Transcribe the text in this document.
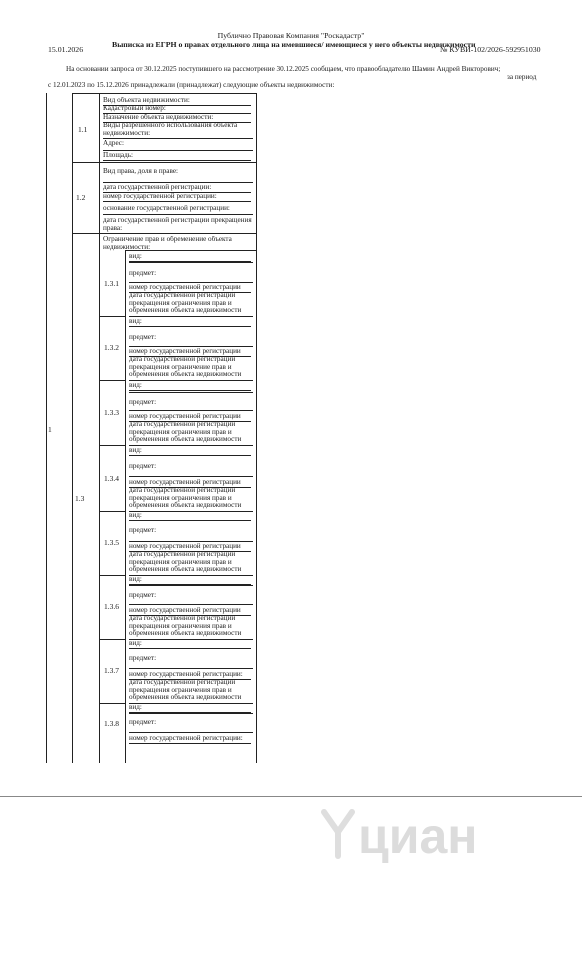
Публично Правовая Компания "Роскадастр"
Выписка из ЕГРН о правах отдельного лица на имевшиеся/ имеющиеся у него объекты недвижимости
15.01.2026	№ КУВИ-102/2026-592951030
На основании запроса от 30.12.2025 поступившего на рассмотрение 30.12.2025 сообщаем, что правообладателю Шамин Андрей Викторович;
за период
с 12.01.2023 по 15.12.2026 принадлежали (принадлежат) следующие объекты недвижимости:
1
1.1
Вид объекта недвижимости:
Кадастровый номер:
Назначение объекта недвижимости:
Виды разрешенного использования объекта недвижимости:
Адрес:
Площадь:
1.2
Вид права, доля в праве:
дата государственной регистрации:
номер государственной регистрации:
основание государственной регистрации:
дата государственной регистрации прекращения права:
1.3
Ограничение прав и обременение объекта недвижимости:
1.3.1
вид:
предмет:
номер государственной регистрации
дата государственной регистрации прекращения ограничения прав и обременения объекта недвижимости
1.3.2
вид:
предмет:
номер государственной регистрации
дата государственной регистрации прекращения ограничение прав и обременения объекта недвижимости
1.3.3
вид:
предмет:
номер государственной регистрации
дата государственной регистрации прекращения ограничения прав и обременения объекта недвижимости
1.3.4
вид:
предмет:
номер государственной регистрации
дата государственной регистрации прекращения ограничения прав и обременения объекта недвижимости
1.3.5
вид:
предмет:
номер государственной регистрации
дата государственной регистрации прекращения ограничения прав и обременения объекта недвижимости
1.3.6
вид:
предмет:
номер государственной регистрации
дата государственной регистрации прекращения ограничения прав и обременения объекта недвижимости
1.3.7
вид:
предмет:
номер государственной регистрации:
дата государственной регистрации прекращения ограничения прав и обременения объекта недвижимости
1.3.8
вид:
предмет:
номер государственной регистрации:
циан
